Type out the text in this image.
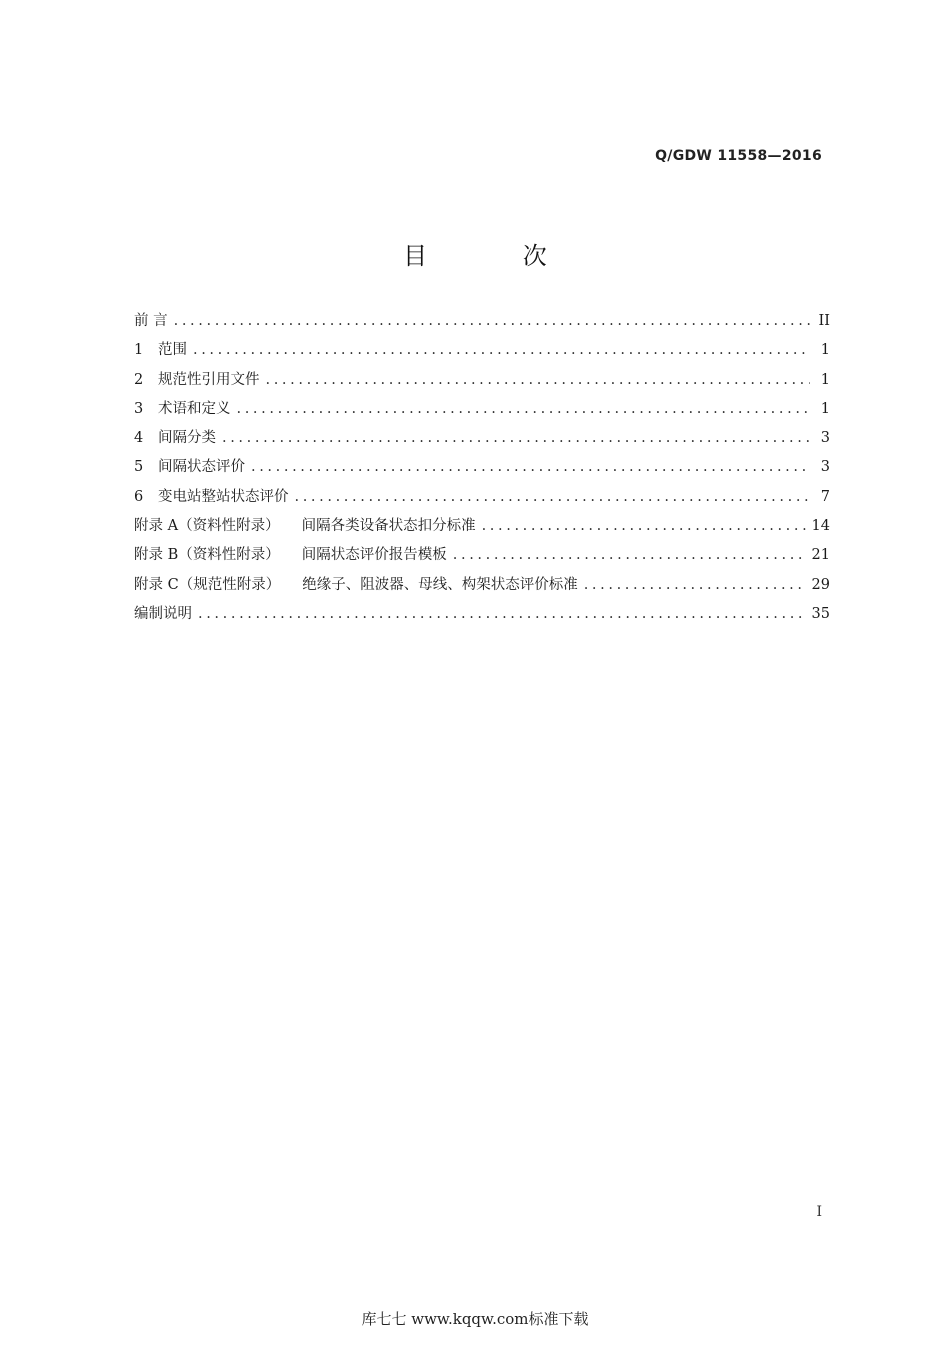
Q/GDW 11558—2016
目 次
前 言 . . .	II
1	范围 . . .	1
2	规范性引用文件 . . .	1
3	术语和定义 . . .	1
4	间隔分类 . . .	3
5	间隔状态评价 . . .	3
6	变电站整站状态评价 . . .	7
附录 A（资料性附录）	间隔各类设备状态扣分标准 . . .	14
附录 B（资料性附录）	间隔状态评价报告模板 . . .	21
附录 C（规范性附录）	绝缘子、阻波器、母线、构架状态评价标准 . . .	29
编制说明 . . .	35
I
库七七 www.kqqw.com标准下载
